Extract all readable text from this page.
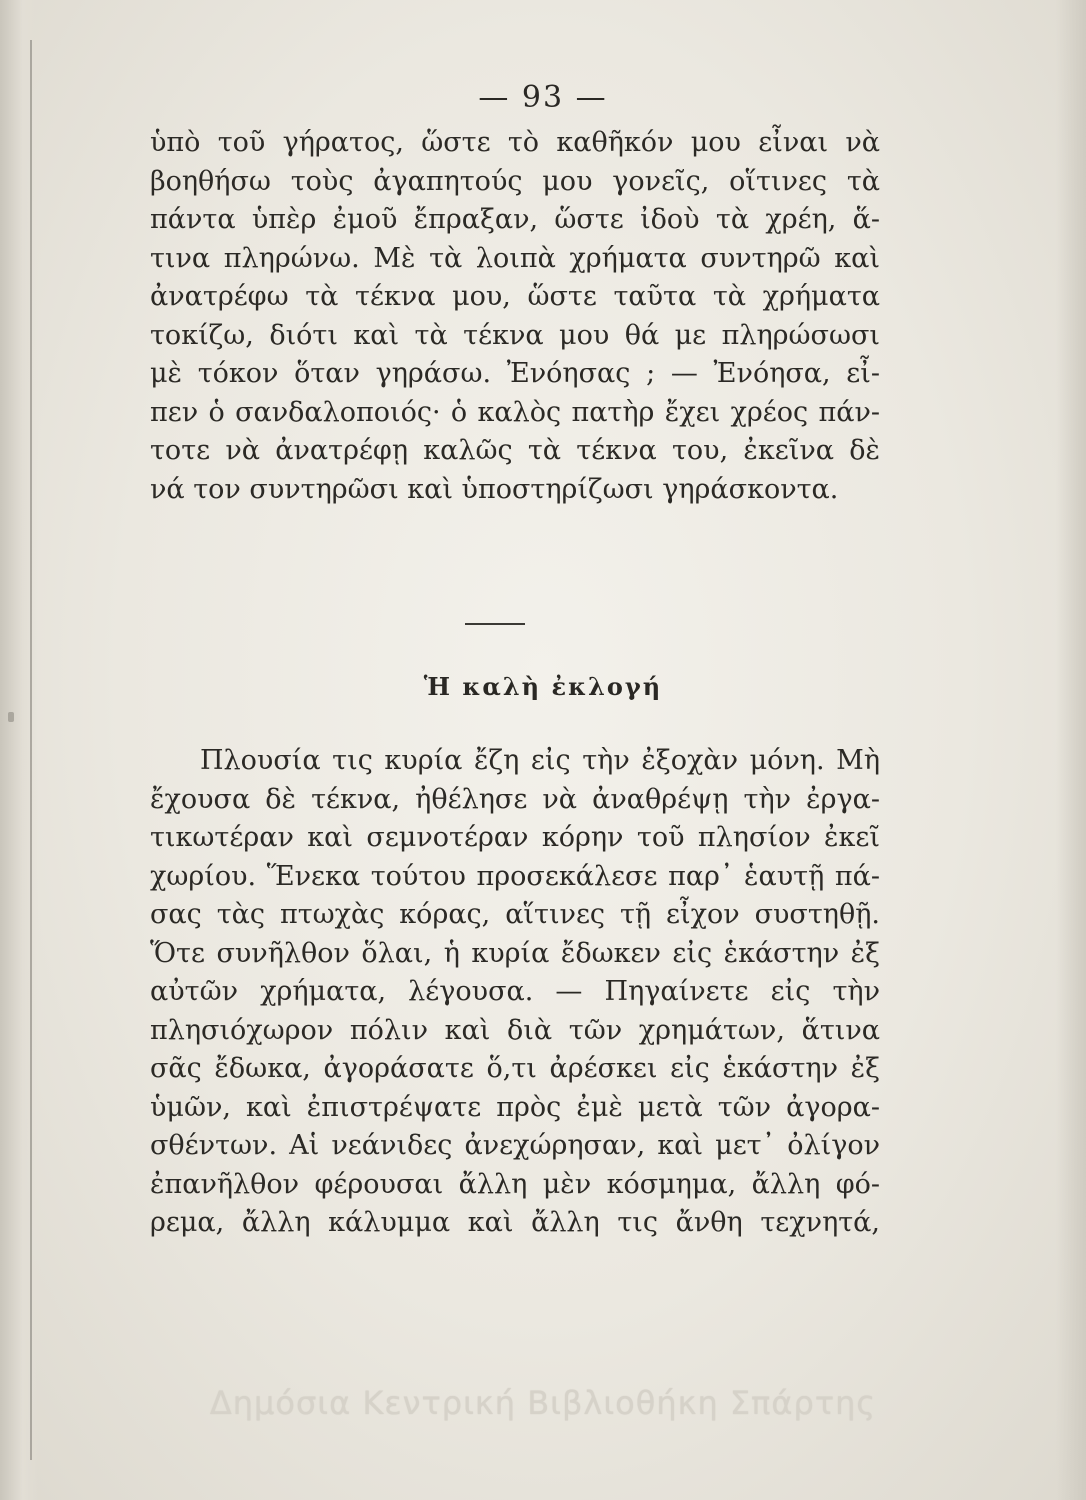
— 93 —
ὑπὸ τοῦ γήρατος, ὥστε τὸ καθῆκόν μου εἶναι νὰ
βοηθήσω τοὺς ἀγαπητούς μου γονεῖς, οἵτινες τὰ
πάντα ὑπὲρ ἐμοῦ ἔπραξαν, ὥστε ἰδοὺ τὰ χρέη, ἅ-
τινα πληρώνω. Μὲ τὰ λοιπὰ χρήματα συντηρῶ καὶ
ἀνατρέφω τὰ τέκνα μου, ὥστε ταῦτα τὰ χρήματα
τοκίζω, διότι καὶ τὰ τέκνα μου θά με πληρώσωσι
μὲ τόκον ὅταν γηράσω. Ἐνόησας ; — Ἐνόησα, εἶ-
πεν ὁ σανδαλοποιός· ὁ καλὸς πατὴρ ἔχει χρέος πάν-
τοτε νὰ ἀνατρέφῃ καλῶς τὰ τέκνα του, ἐκεῖνα δὲ
νά τον συντηρῶσι καὶ ὑποστηρίζωσι γηράσκοντα.
Ἡ καλὴ ἐκλογή
Πλουσία τις κυρία ἔζη εἰς τὴν ἐξοχὰν μόνη. Μὴ
ἔχουσα δὲ τέκνα, ἠθέλησε νὰ ἀναθρέψῃ τὴν ἐργα-
τικωτέραν καὶ σεμνοτέραν κόρην τοῦ πλησίον ἐκεῖ
χωρίου. Ἕνεκα τούτου προσεκάλεσε παρ᾽ ἑαυτῇ πά-
σας τὰς πτωχὰς κόρας, αἵτινες τῇ εἶχον συστηθῇ.
Ὅτε συνῆλθον ὅλαι, ἡ κυρία ἔδωκεν εἰς ἑκάστην ἐξ
αὐτῶν χρήματα, λέγουσα. — Πηγαίνετε εἰς τὴν
πλησιόχωρον πόλιν καὶ διὰ τῶν χρημάτων, ἅτινα
σᾶς ἔδωκα, ἀγοράσατε ὅ,τι ἀρέσκει εἰς ἑκάστην ἐξ
ὑμῶν, καὶ ἐπιστρέψατε πρὸς ἐμὲ μετὰ τῶν ἀγορα-
σθέντων. Αἱ νεάνιδες ἀνεχώρησαν, καὶ μετ᾽ ὀλίγον
ἐπανῆλθον φέρουσαι ἄλλη μὲν κόσμημα, ἄλλη φό-
ρεμα, ἄλλη κάλυμμα καὶ ἄλλη τις ἄνθη τεχνητά,
Δημόσια Κεντρική Βιβλιοθήκη Σπάρτης
